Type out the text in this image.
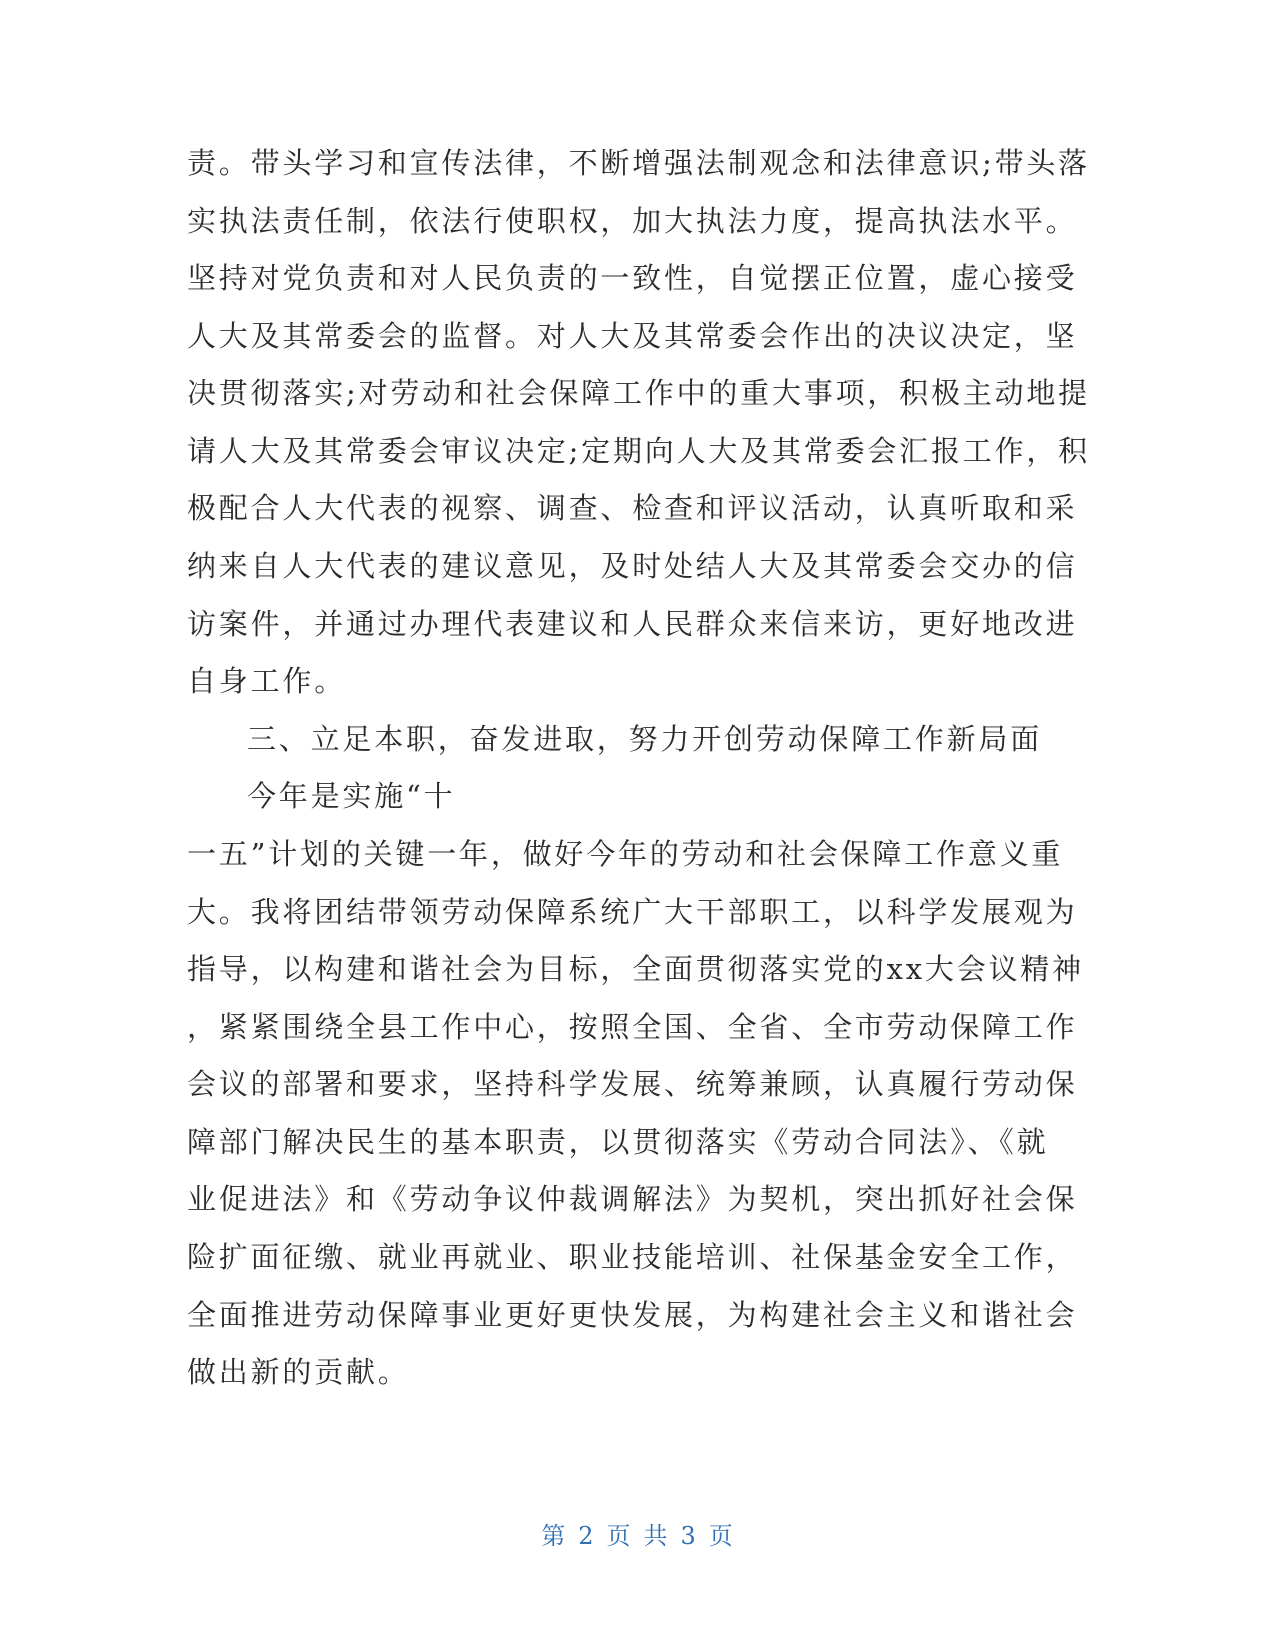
责。带头学习和宣传法律，不断增强法制观念和法律意识;带头落
实执法责任制，依法行使职权，加大执法力度，提高执法水平。
坚持对党负责和对人民负责的一致性，自觉摆正位置，虚心接受
人大及其常委会的监督。对人大及其常委会作出的决议决定，坚
决贯彻落实;对劳动和社会保障工作中的重大事项，积极主动地提
请人大及其常委会审议决定;定期向人大及其常委会汇报工作，积
极配合人大代表的视察、调查、检查和评议活动，认真听取和采
纳来自人大代表的建议意见，及时处结人大及其常委会交办的信
访案件，并通过办理代表建议和人民群众来信来访，更好地改进
自身工作。
三、立足本职，奋发进取，努力开创劳动保障工作新局面
今年是实施“十
一五”计划的关键一年，做好今年的劳动和社会保障工作意义重
大。我将团结带领劳动保障系统广大干部职工，以科学发展观为
指导，以构建和谐社会为目标，全面贯彻落实党的xx大会议精神
，紧紧围绕全县工作中心，按照全国、全省、全市劳动保障工作
会议的部署和要求，坚持科学发展、统筹兼顾，认真履行劳动保
障部门解决民生的基本职责，以贯彻落实《劳动合同法》、《就
业促进法》和《劳动争议仲裁调解法》为契机，突出抓好社会保
险扩面征缴、就业再就业、职业技能培训、社保基金安全工作，
全面推进劳动保障事业更好更快发展，为构建社会主义和谐社会
做出新的贡献。
第 2 页 共 3 页
